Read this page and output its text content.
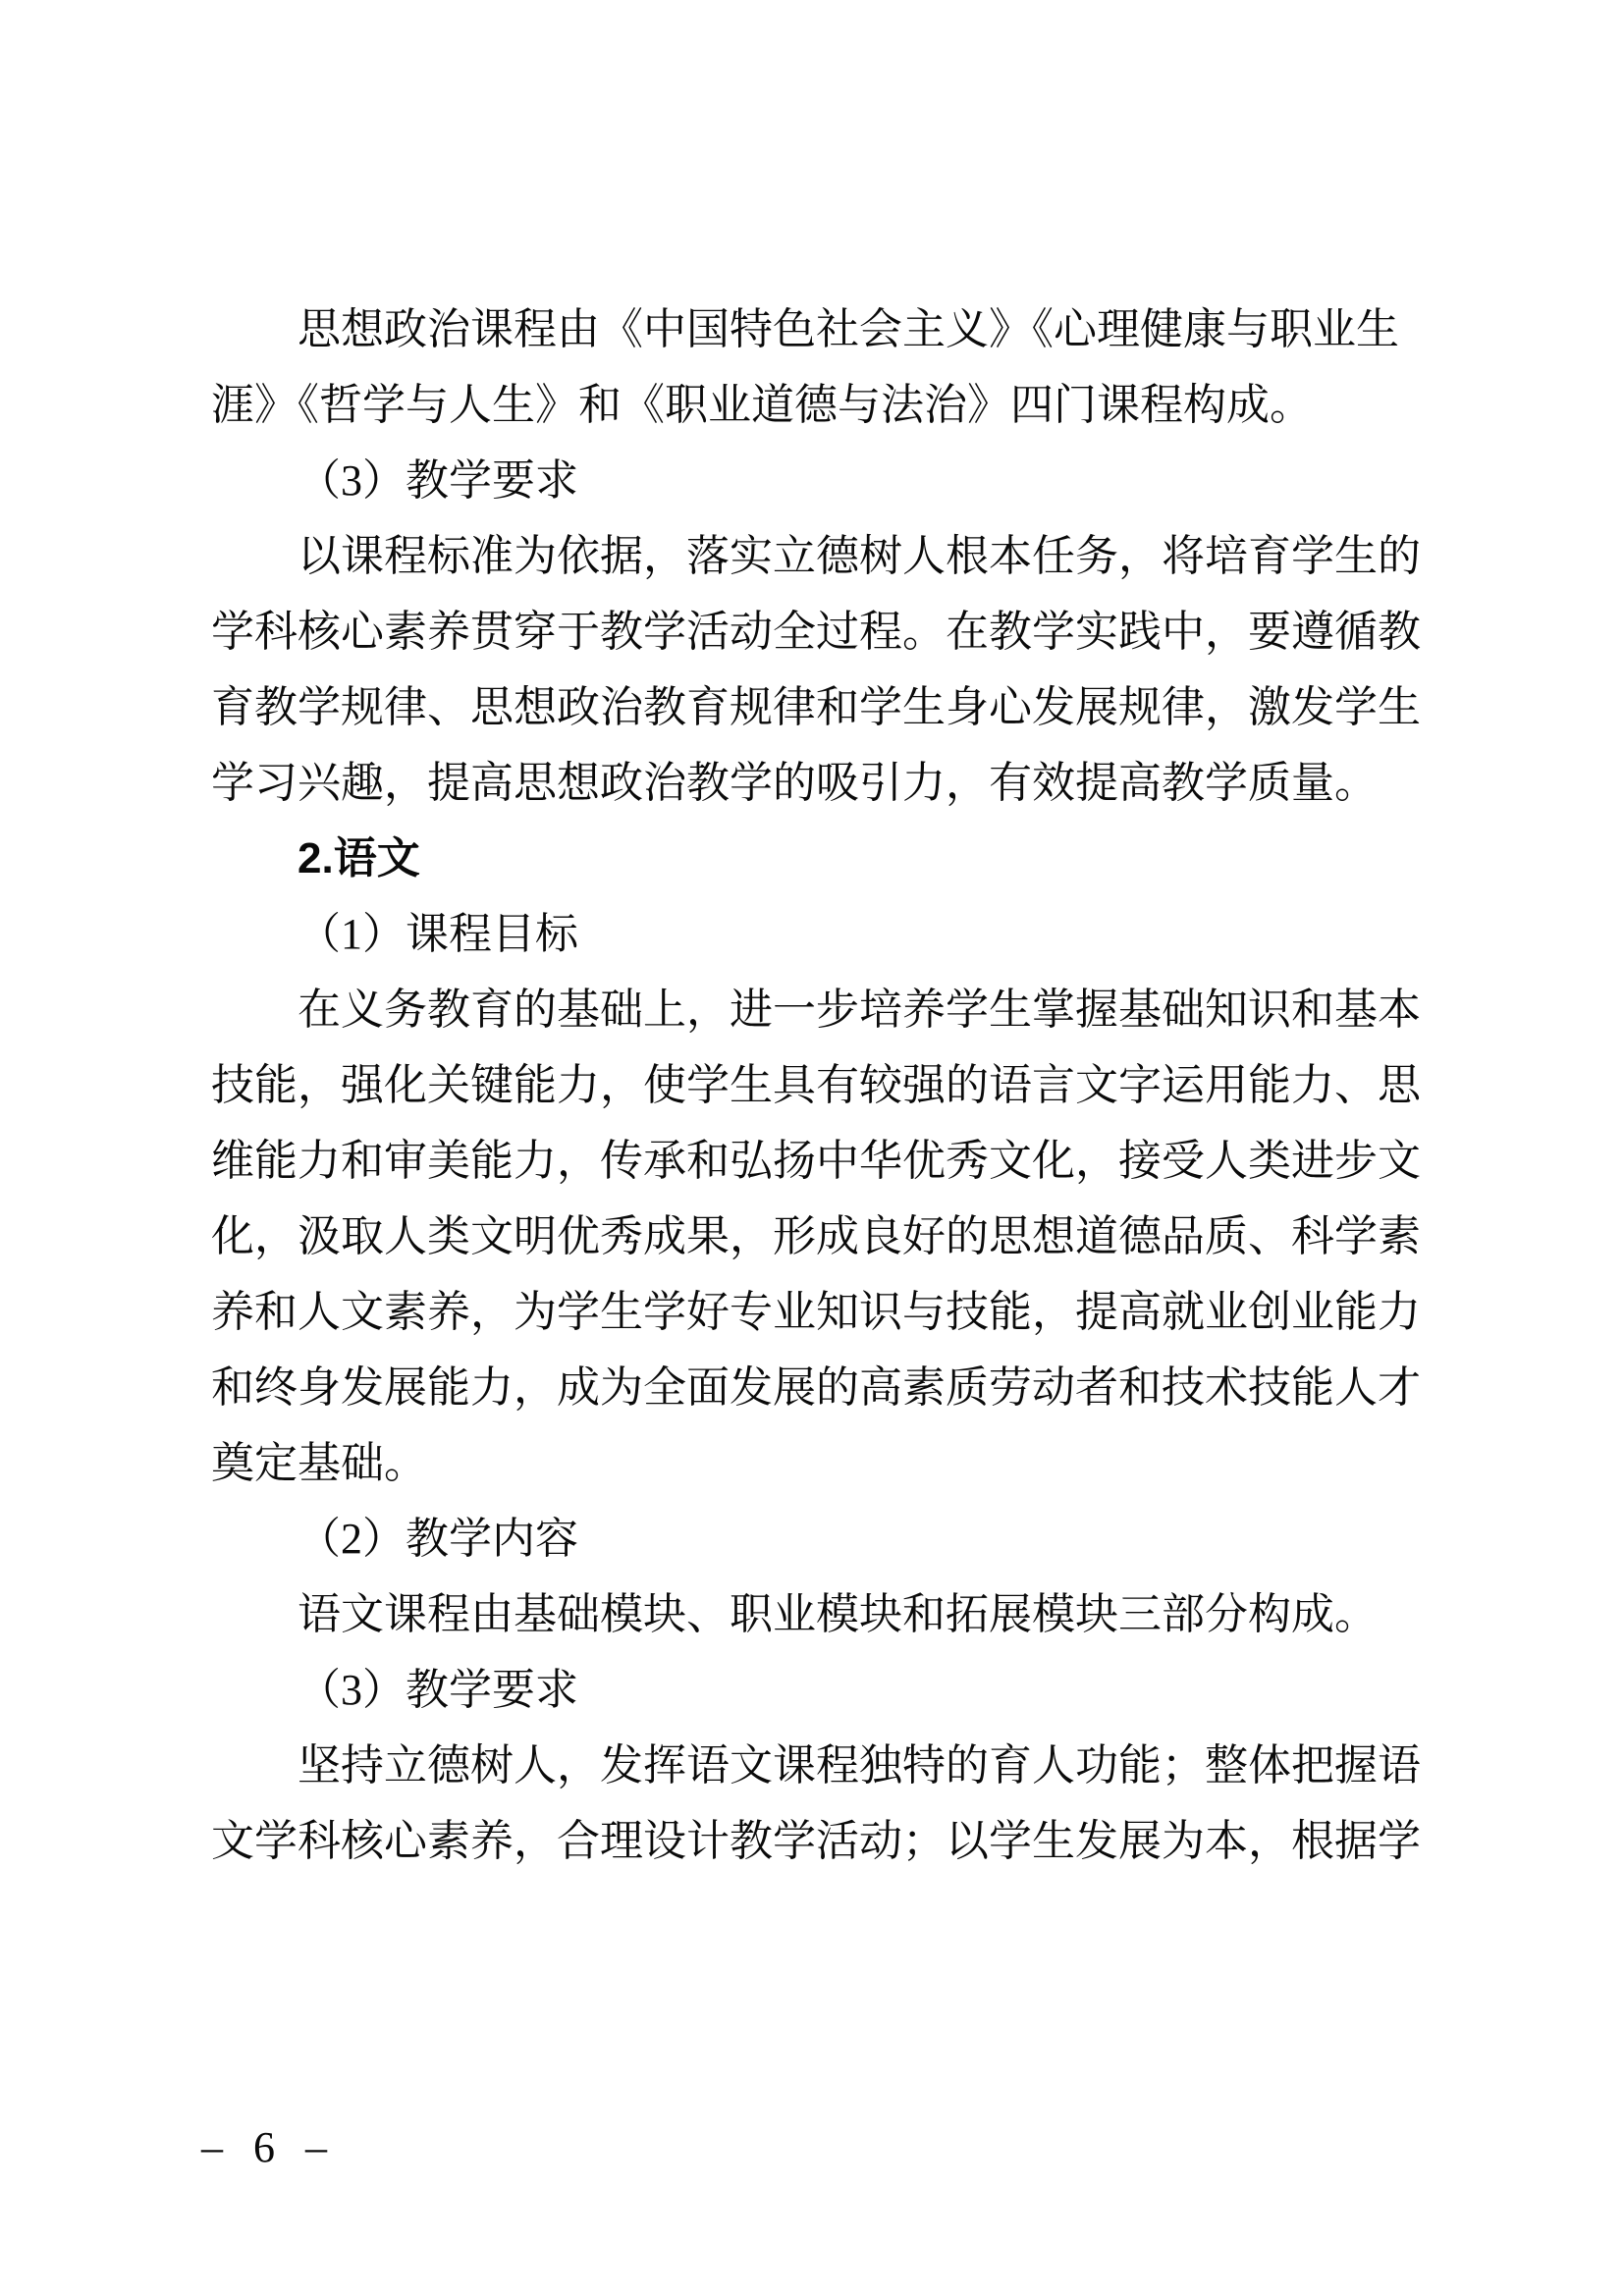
思想政治课程由《中国特色社会主义》《心理健康与职业生
涯》《哲学与人生》和《职业道德与法治》四门课程构成。
（3）教学要求
以课程标准为依据，落实立德树人根本任务，将培育学生的
学科核心素养贯穿于教学活动全过程。在教学实践中，要遵循教
育教学规律、思想政治教育规律和学生身心发展规律，激发学生
学习兴趣，提高思想政治教学的吸引力，有效提高教学质量。
2.语文
（1）课程目标
在义务教育的基础上，进一步培养学生掌握基础知识和基本
技能，强化关键能力，使学生具有较强的语言文字运用能力、思
维能力和审美能力，传承和弘扬中华优秀文化，接受人类进步文
化，汲取人类文明优秀成果，形成良好的思想道德品质、科学素
养和人文素养，为学生学好专业知识与技能，提高就业创业能力
和终身发展能力，成为全面发展的高素质劳动者和技术技能人才
奠定基础。
（2）教学内容
语文课程由基础模块、职业模块和拓展模块三部分构成。
（3）教学要求
坚持立德树人，发挥语文课程独特的育人功能；整体把握语
文学科核心素养，合理设计教学活动；以学生发展为本，根据学
– 6 –
